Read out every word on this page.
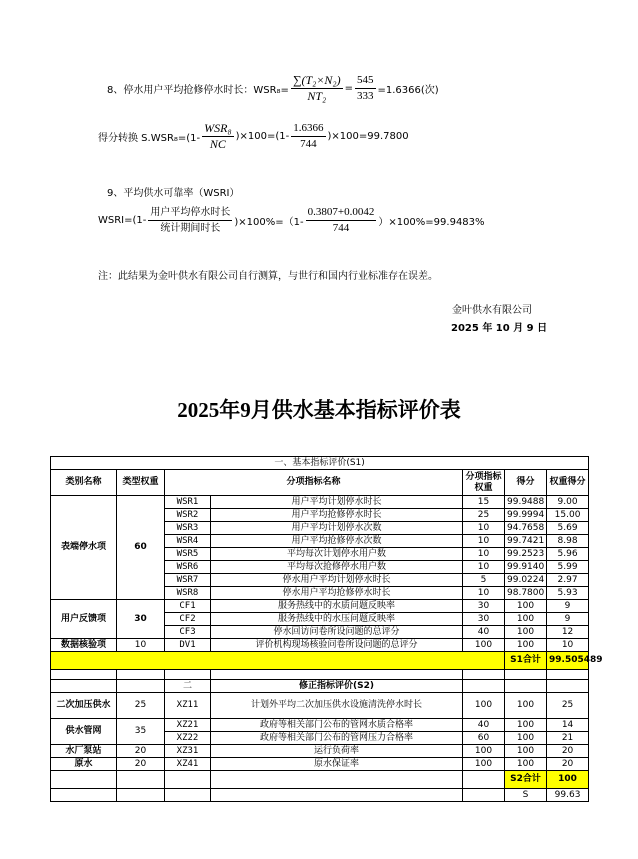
8、停水用户平均抢修停水时长：$WSR_8= \frac{\text{∑(T₂×N₂)}}{\text{NT₂}} = \frac{545}{333} =1.6366$(次)
得分转换 $S.WSR_8=(1- \frac{\text{WSR₈}}{NC} )\times 100=(1- \frac{1.6366}{744} )\times 100=99.7800$
9、平均供水可靠率（WSRI）
WSRI=(1- $\frac{\text{用户平均停水时长}}{\text{统计期间时长}} )\times 100\%=(1- \frac{0.3807+0.0042}{744} )\times 100\%=99.9483\%$
注：此结果为金叶供水有限公司自行测算，与世行和国内行业标准存在误差。
金叶供水有限公司
2025 年 10 月 9 日
2025年9月供水基本指标评价表
一、基本指标评价(S1)						
类别名称	类型权重	分项指标名称		分项指标权重	得分	权重得分
表端停水项	60	WSR1	用户平均计划停水时长	15	99.9488	9.00
		WSR2	用户平均抢修停水时长	25	99.9994	15.00
		WSR3	用户平均计划停水次数	10	94.7658	5.69
		WSR4	用户平均抢修停水次数	10	99.7421	8.98
		WSR5	平均每次计划停水用户数	10	99.2523	5.96
		WSR6	平均每次抢修停水用户数	10	99.9140	5.99
		WSR7	停水用户平均计划停水时长	5	99.0224	2.97
		WSR8	停水用户平均抢修停水时长	10	98.7800	5.93
用户反馈项	30	CF1	服务热线中的水质问题反映率	30	100	9
		CF2	服务热线中的水压问题反映率	30	100	9
		CF3	停水回访问卷所设问题的总评分	40	100	12
数据核验项	10	DV1	评价机构现场核验问卷所设问题的总评分	100	100	10
					S1合计	99.505489

		二	修正指标评价(S2)			
二次加压供水	25	XZ11	计划外平均二次加压供水设施清洗停水时长	100	100	25
供水管网	35	XZ21	政府等相关部门公布的管网水质合格率	40	100	14
		XZ22	政府等相关部门公布的管网压力合格率	60	100	21
水厂泵站	20	XZ31	运行负荷率	100	100	20
原水	20	XZ41	原水保证率	100	100	20
					S2合计	100
					S	99.63
